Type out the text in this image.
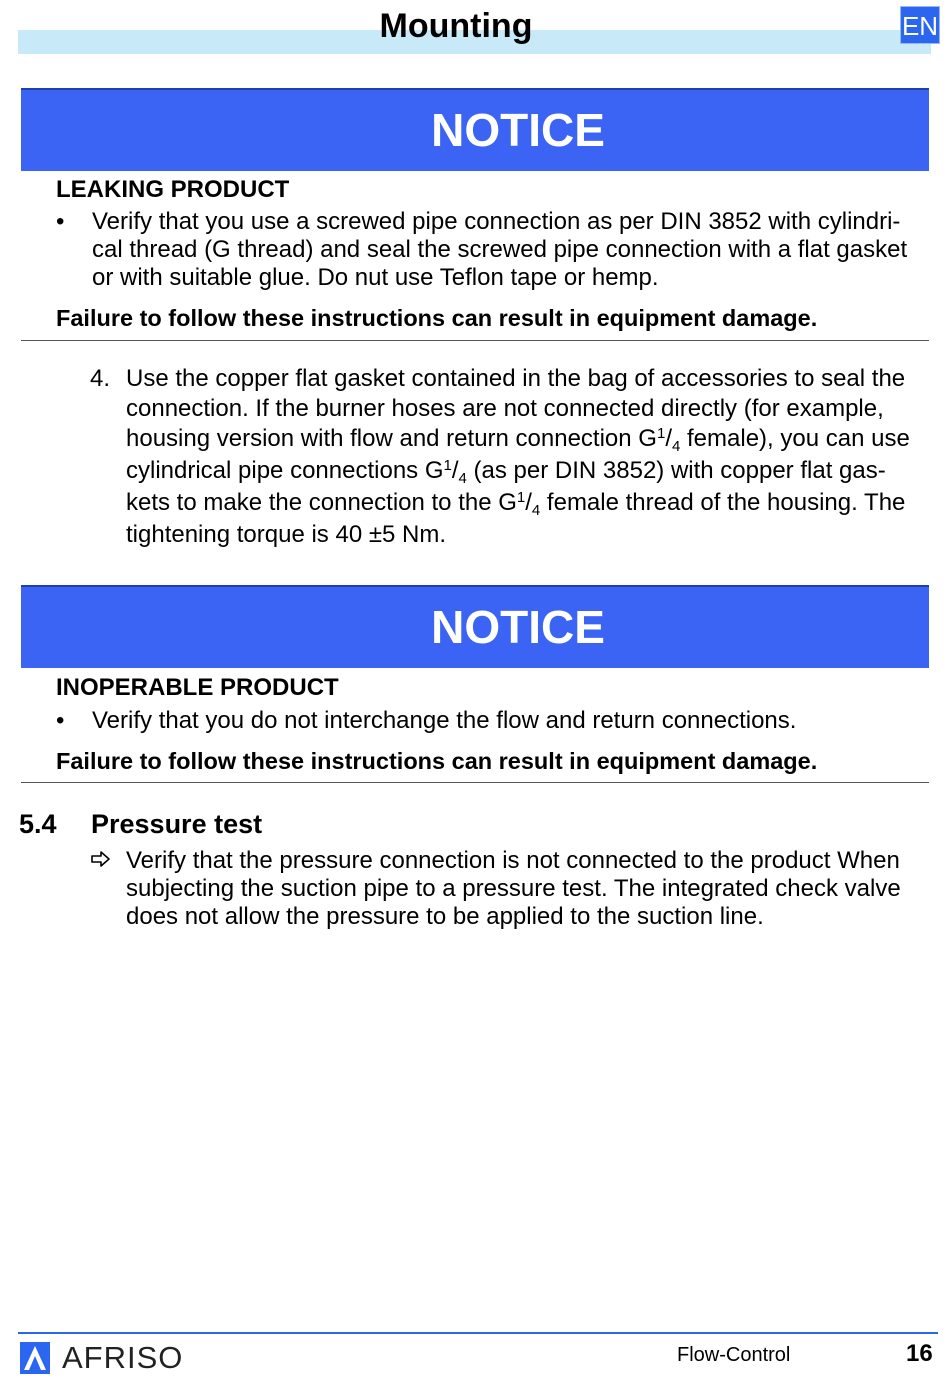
Mounting	EN
NOTICE
LEAKING PRODUCT
• Verify that you use a screwed pipe connection as per DIN 3852 with cylindri-
cal thread (G thread) and seal the screwed pipe connection with a flat gasket
or with suitable glue. Do nut use Teflon tape or hemp.
Failure to follow these instructions can result in equipment damage.
4. Use the copper flat gasket contained in the bag of accessories to seal the
connection. If the burner hoses are not connected directly (for example,
housing version with flow and return connection $G^1/_4$ female), you can use
cylindrical pipe connections $G^1/_4$ (as per DIN 3852) with copper flat gas-
kets to make the connection to the $G^1/_4$ female thread of the housing. The
tightening torque is 40 ±5 Nm.
NOTICE
INOPERABLE PRODUCT
• Verify that you do not interchange the flow and return connections.
Failure to follow these instructions can result in equipment damage.
5.4 Pressure test
Verify that the pressure connection is not connected to the product When
subjecting the suction pipe to a pressure test. The integrated check valve
does not allow the pressure to be applied to the suction line.
AFRISO	Flow-Control	16
